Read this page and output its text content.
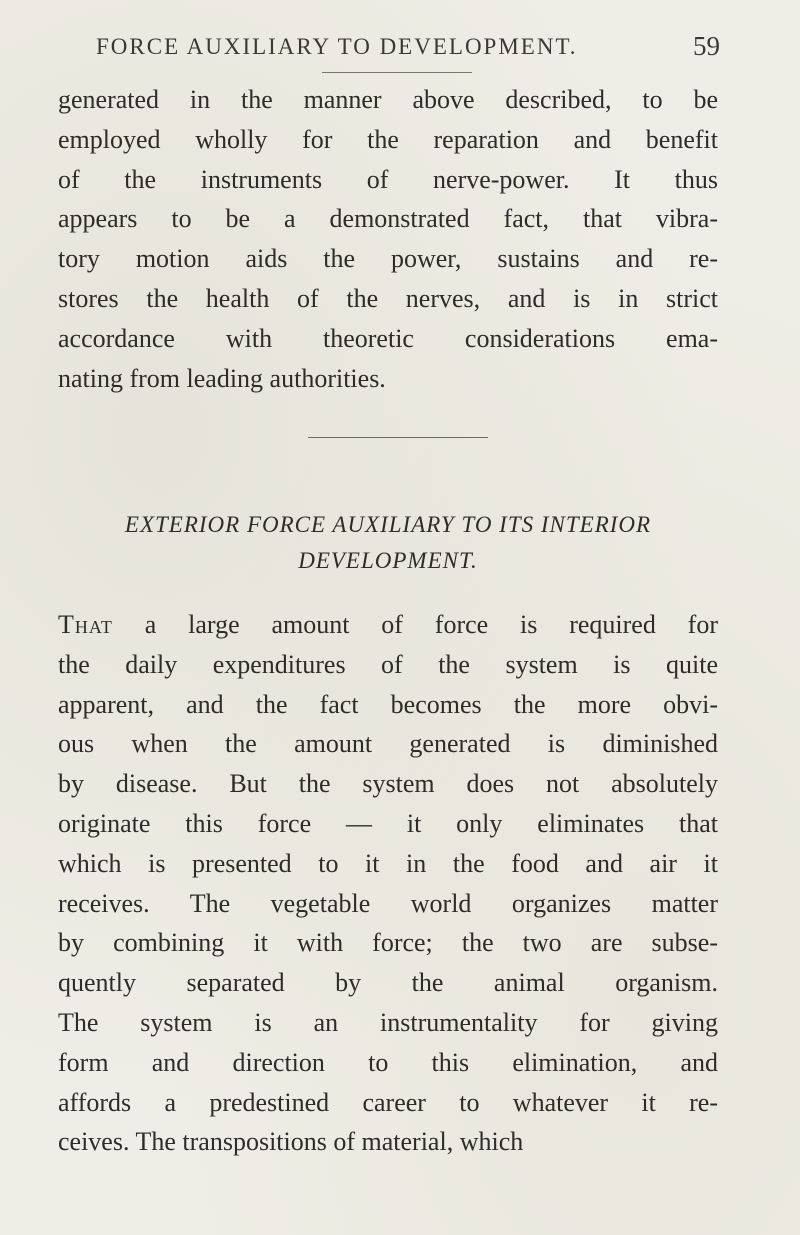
FORCE AUXILIARY TO DEVELOPMENT.	59

generated in the manner above described, to be
employed wholly for the reparation and benefit
of the instruments of nerve-power. It thus
appears to be a demonstrated fact, that vibra-
tory motion aids the power, sustains and re-
stores the health of the nerves, and is in strict
accordance with theoretic considerations ema-
nating from leading authorities.

EXTERIOR FORCE AUXILIARY TO ITS INTERIOR
DEVELOPMENT.

That a large amount of force is required for
the daily expenditures of the system is quite
apparent, and the fact becomes the more obvi-
ous when the amount generated is diminished
by disease. But the system does not absolutely
originate this force — it only eliminates that
which is presented to it in the food and air it
receives. The vegetable world organizes matter
by combining it with force; the two are subse-
quently separated by the animal organism.
The system is an instrumentality for giving
form and direction to this elimination, and
affords a predestined career to whatever it re-
ceives. The transpositions of material, which
